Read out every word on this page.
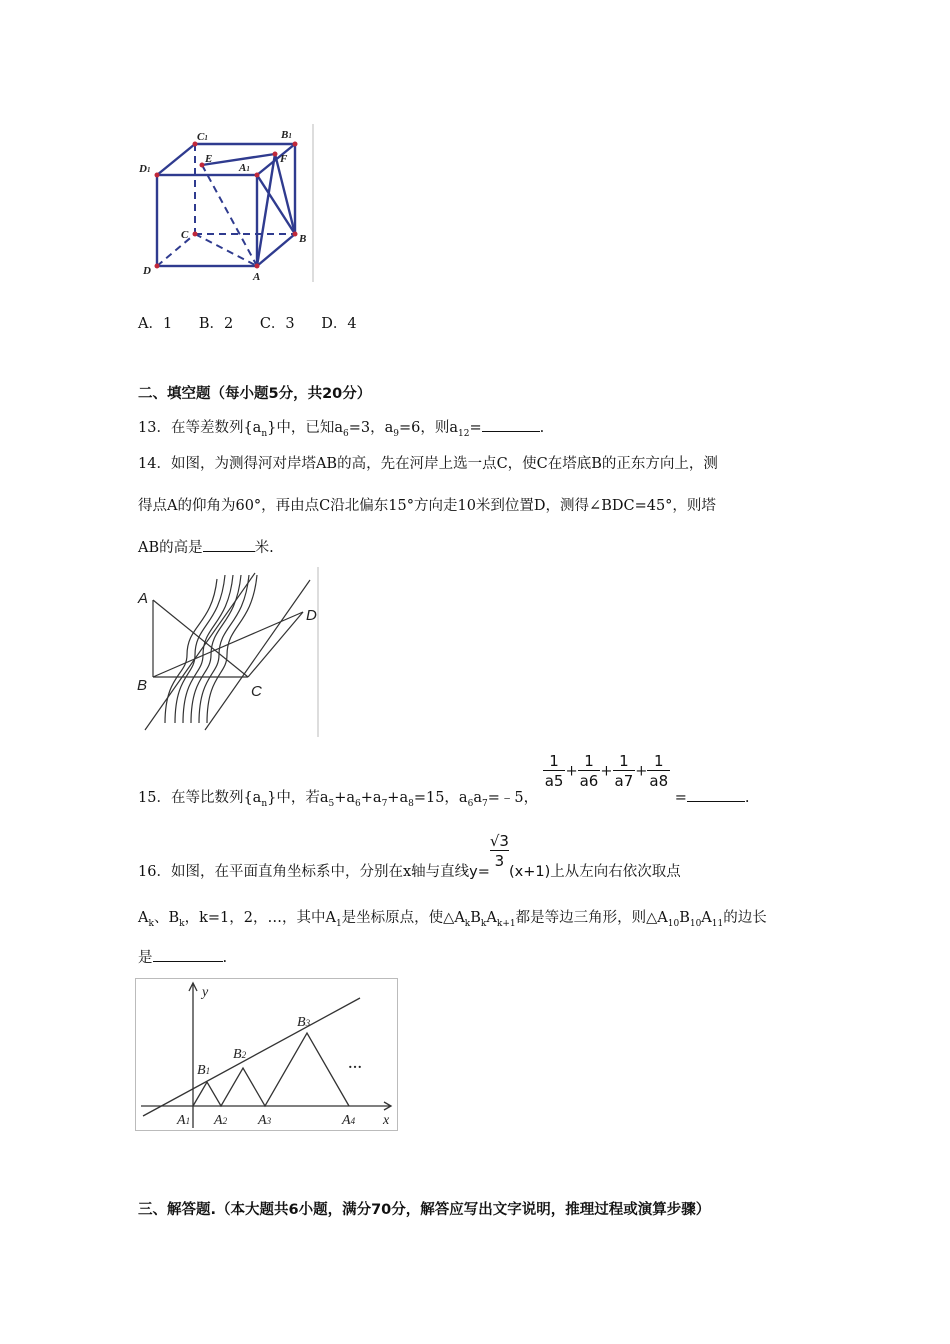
C1	B1
D1
E
A1
F
C	B
D	A
A．1 B．2 C．3 D．4
二、填空题（每小题5分，共20分）
13．在等差数列$\{a_n\}$中，已知$a_6=3$，$a_9=6$，则$a_{12}=$	.
14．如图，为测得河对岸塔AB的高，先在河岸上选一点C，使C在塔底B的正东方向上，测
得点A的仰角为60°，再由点C沿北偏东15°方向走10米到位置D，测得∠BDC=45°，则塔
AB的高是	米.
A
B	C
D
15．在等比数列$\{a_n\}$中，若$a_5+a_6+a_7+a_8=15$，$a_6a_7=﹣5$，
$\frac{1}{a5} + \frac{1}{a6} + \frac{1}{a7} + \frac{1}{a8}$
=	.
16．如图，在平面直角坐标系中，分别在x轴与直线y=
$\frac{√3}{3}$
(x+1)上从左向右依次取点
$A_k$、$B_k$，k=1，2，…，其中$A_1$是坐标原点，使$\triangle A_kB_kA_{k+1}$都是等边三角形，则$\triangle A_{10}B_{10}A_{11}$的边长
是	.
y
x
B1
B2
B3
A1 A2 A3	A4
…
三、解答题.（本大题共6小题，满分70分，解答应写出文字说明，推理过程或演算步骤）
